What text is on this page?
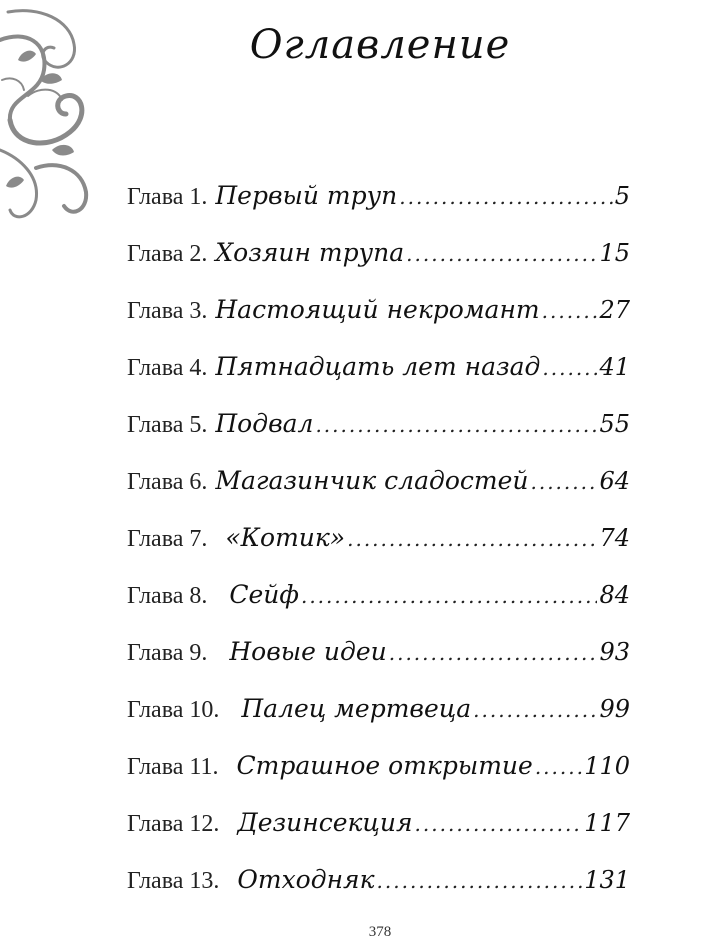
Оглавление
Глава 1. Первый труп .....	5
Глава 2. Хозяин трупа .....	15
Глава 3. Настоящий некромант ..... 27
Глава 4. Пятнадцать лет назад ..... 41
Глава 5. Подвал .....	55
Глава 6. Магазинчик сладостей .....	64
Глава 7. «Котик» .....	74
Глава 8. Сейф .....	84
Глава 9. Новые идеи .....	93
Глава 10. Палец мертвеца .....	99
Глава 11. Страшное открытие ..... 110
Глава 12. Дезинсекция .....	117
Глава 13. Отходняк .....	131
378
